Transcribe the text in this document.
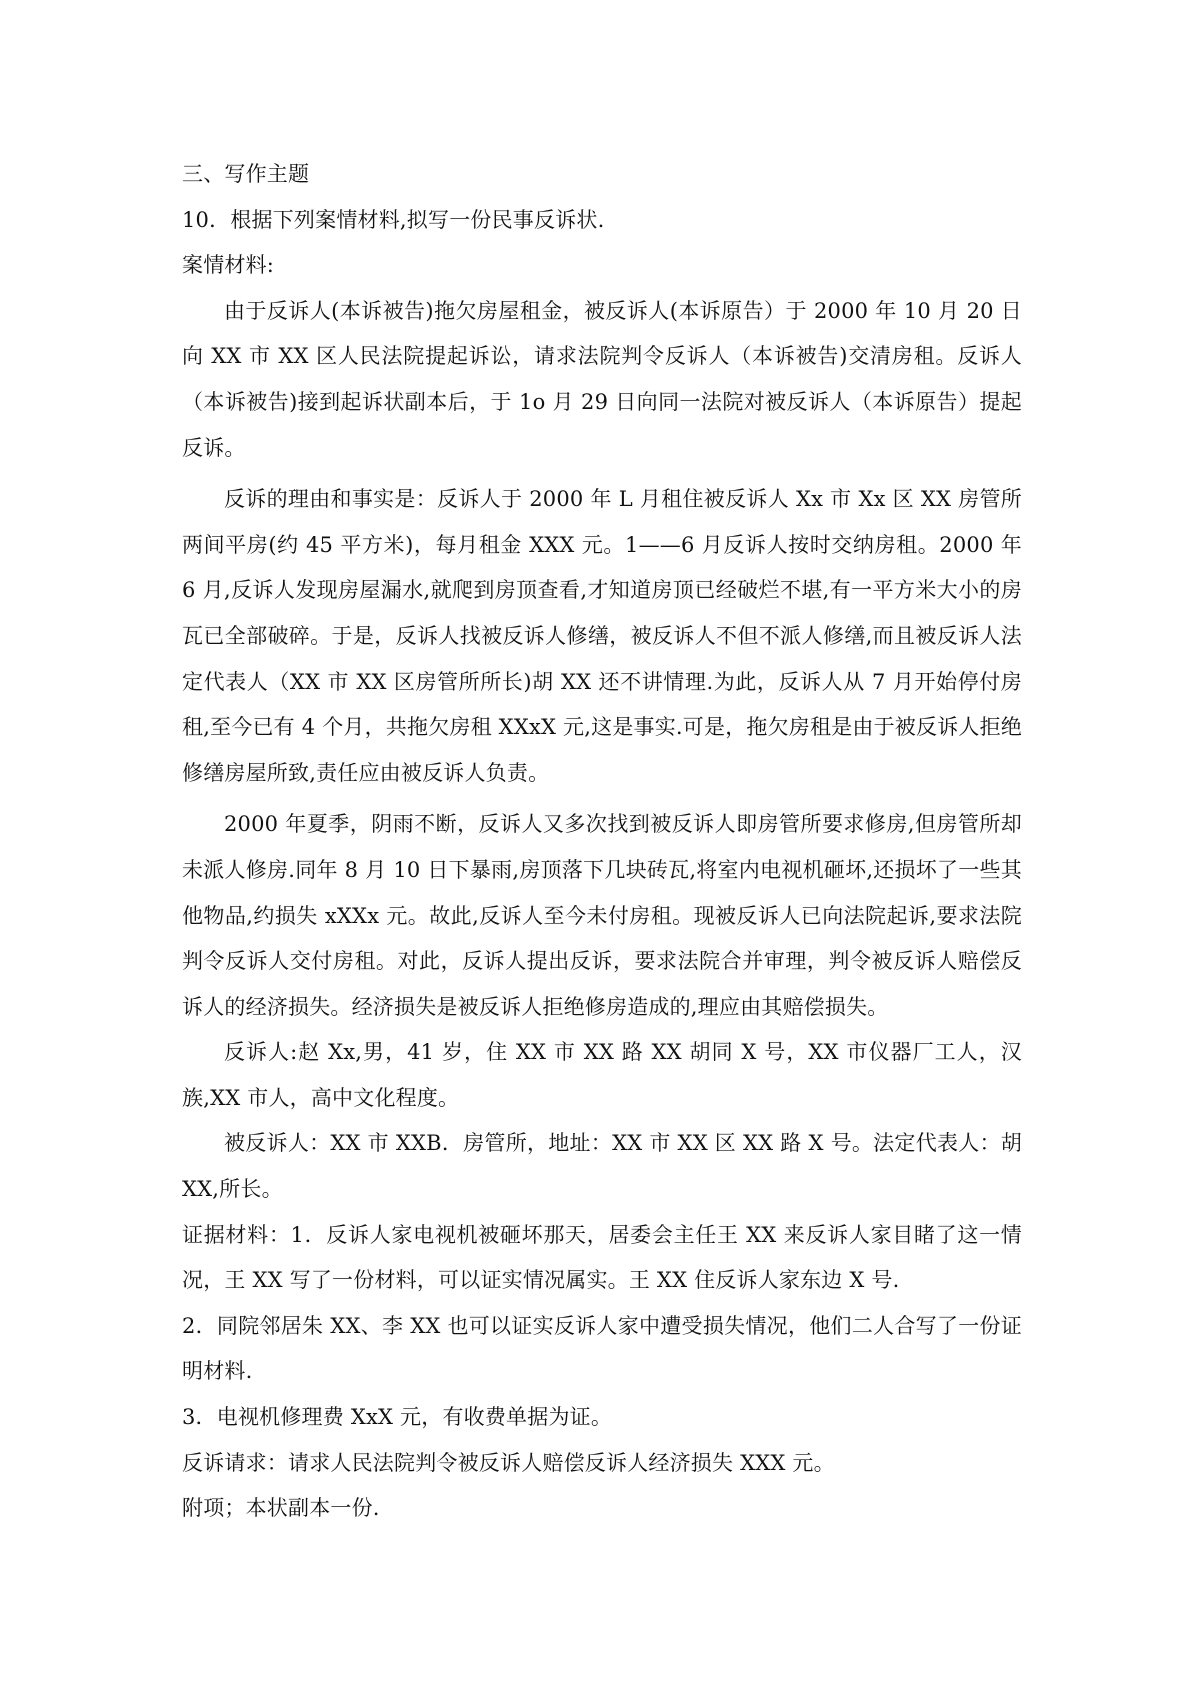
三、写作主题

10．根据下列案情材料,拟写一份民事反诉状.

案情材料:

由于反诉人(本诉被告)拖欠房屋租金，被反诉人(本诉原告）于 2000 年 10 月 20 日向 XX 市 XX 区人民法院提起诉讼，请求法院判令反诉人（本诉被告)交清房租。反诉人（本诉被告)接到起诉状副本后，于 1o 月 29 日向同一法院对被反诉人（本诉原告）提起反诉。

反诉的理由和事实是：反诉人于 2000 年 L 月租住被反诉人 Xx 市 Xx 区 XX 房管所两间平房(约 45 平方米)，每月租金 XXX 元。1——6 月反诉人按时交纳房租。2000 年 6 月,反诉人发现房屋漏水,就爬到房顶查看,才知道房顶已经破烂不堪,有一平方米大小的房瓦已全部破碎。于是，反诉人找被反诉人修缮，被反诉人不但不派人修缮,而且被反诉人法定代表人（XX 市 XX 区房管所所长)胡 XX 还不讲情理.为此，反诉人从 7 月开始停付房租,至今已有 4 个月，共拖欠房租 XXxX 元,这是事实.可是，拖欠房租是由于被反诉人拒绝修缮房屋所致,责任应由被反诉人负责。

2000 年夏季，阴雨不断，反诉人又多次找到被反诉人即房管所要求修房,但房管所却未派人修房.同年 8 月 10 日下暴雨,房顶落下几块砖瓦,将室内电视机砸坏,还损坏了一些其他物品,约损失 xXXx 元。故此,反诉人至今未付房租。现被反诉人已向法院起诉,要求法院判令反诉人交付房租。对此，反诉人提出反诉，要求法院合并审理，判令被反诉人赔偿反诉人的经济损失。经济损失是被反诉人拒绝修房造成的,理应由其赔偿损失。

反诉人:赵 Xx,男，41 岁，住 XX 市 XX 路 XX 胡同 X 号，XX 市仪器厂工人，汉族,XX 市人，高中文化程度。

被反诉人：XX 市 XXB．房管所，地址：XX 市 XX 区 XX 路 X 号。法定代表人：胡 XX,所长。

证据材料：1．反诉人家电视机被砸坏那天，居委会主任王 XX 来反诉人家目睹了这一情况，王 XX 写了一份材料，可以证实情况属实。王 XX 住反诉人家东边 X 号.

2．同院邻居朱 XX、李 XX 也可以证实反诉人家中遭受损失情况，他们二人合写了一份证明材料.

3．电视机修理费 XxX 元，有收费单据为证。

反诉请求：请求人民法院判令被反诉人赔偿反诉人经济损失 XXX 元。

附项；本状副本一份.
